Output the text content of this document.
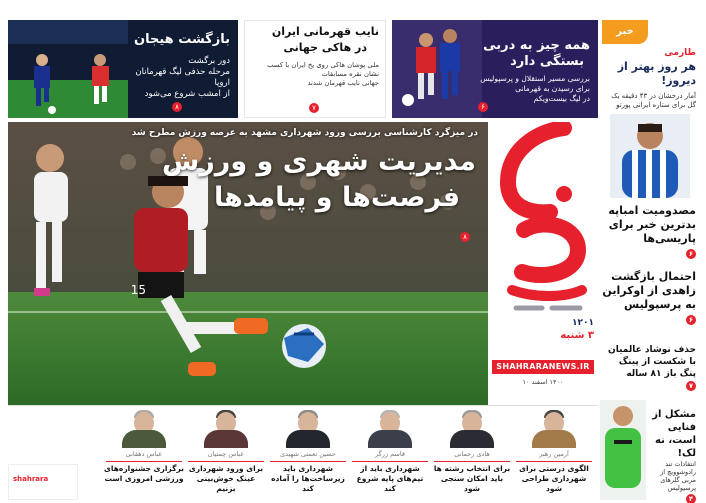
بازگشت هیجان
دور برگشت
مرحله حذفی لیگ قهرمانان اروپا
از امشب شروع می‌شود
۸
نایب قهرمانی ایران
در هاکی جهانی
ملی پوشان هاکی روی یخ ایران با کسب نشان نقره مسابقات
جهانی نایب قهرمان شدند
۷
همه چیز به دربی
بستگی دارد
بررسی مسیر استقلال و پرسپولیس
برای رسیدن به قهرمانی
در لیگ بیست‌ویکم
۶
خبر
طارمی
هر روز بهتر از دیروز!
آمار درخشان در ۴۳ دقیقه یک گل برای ستاره ایرانی پورتو
مصدومیت امباپه بدترین خبر برای پاریسی‌ها
۶
احتمال بازگشت زاهدی از اوکراین به پرسپولیس
۶
حذف نوشاد عالمیان با شکست از پینگ پنگ باز ۸۱ ساله
۷
مشکل از فنایی است، نه لک!
انتقادات تند رادوشوویچ از مربی گلرهای پرسپولیس
۴
۱۲۰۱
۳ شنبه
SHAHRARANEWS.IR
۱۴۰۰ اسفند ۱۰
15
در میزگرد کارشناسی بررسی ورود شهرداری مشهد به عرصه ورزش مطرح شد
مدیریت شهری و ورزش
فرصت‌ها و پیامدها
۸
آرمین رهبر
الگوی درستی برای شهرداری طراحی شود
هادی رحمانی
برای انتخاب رشته ها باید امکان سنجی شود
قاسم زرگر
شهرداری باید از تیم‌های پایه شروع کند
حسین نعمتی شهیدی
شهرداری باید زیرساخت‌ها را آماده کند
عباس چمنیان
برای ورود شهرداری عینک خوش‌بینی بزنیم
عباس دهقانی
برگزاری جشنواره‌های ورزشی امروزی است
shahrara
